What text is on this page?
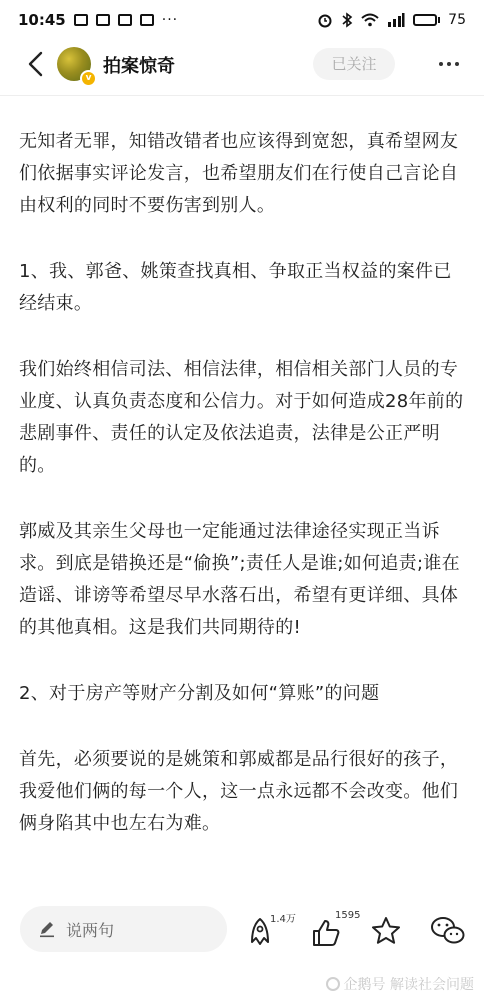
10:45	···	75
v
拍案惊奇	已关注

无知者无罪，知错改错者也应该得到宽恕，真希望网友们依据事实评论发言，也希望朋友们在行使自己言论自由权利的同时不要伤害到别人。

1、我、郭爸、姚策查找真相、争取正当权益的案件已经结束。

我们始终相信司法、相信法律，相信相关部门人员的专业度、认真负责态度和公信力。对于如何造成28年前的悲剧事件、责任的认定及依法追责，法律是公正严明的。

郭威及其亲生父母也一定能通过法律途径实现正当诉求。到底是错换还是“偷换”;责任人是谁;如何追责;谁在造谣、诽谤等希望尽早水落石出，希望有更详细、具体的其他真相。这是我们共同期待的!

2、对于房产等财产分割及如何“算账”的问题

首先，必须要说的是姚策和郭威都是品行很好的孩子，我爱他们俩的每一个人，这一点永远都不会改变。他们俩身陷其中也左右为难。

说两句
1.4万	1595
企鹅号 解读社会问题
